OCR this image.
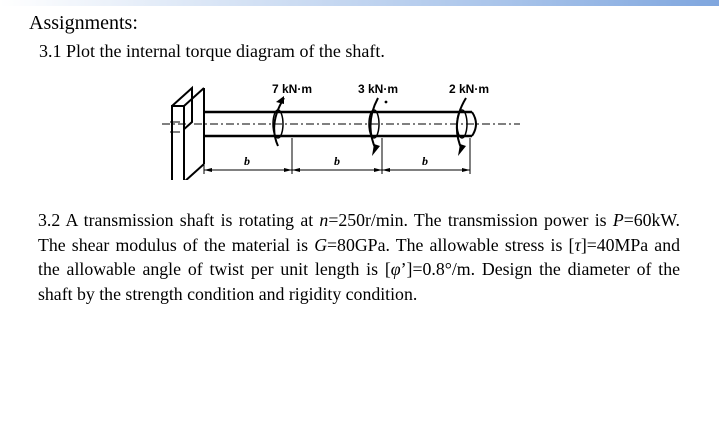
Assignments:
3.1 Plot the internal torque diagram of the shaft.
7 kN·m	3 kN·m	2 kN·m
b	b	b
3.2 A transmission shaft is rotating at n=250r/min. The transmission power is P=60kW. The shear modulus of the material is G=80GPa. The allowable stress is [τ]=40MPa and the allowable angle of twist per unit length is [φ’]=0.8°/m. Design the diameter of the shaft by the strength condition and rigidity condition.
